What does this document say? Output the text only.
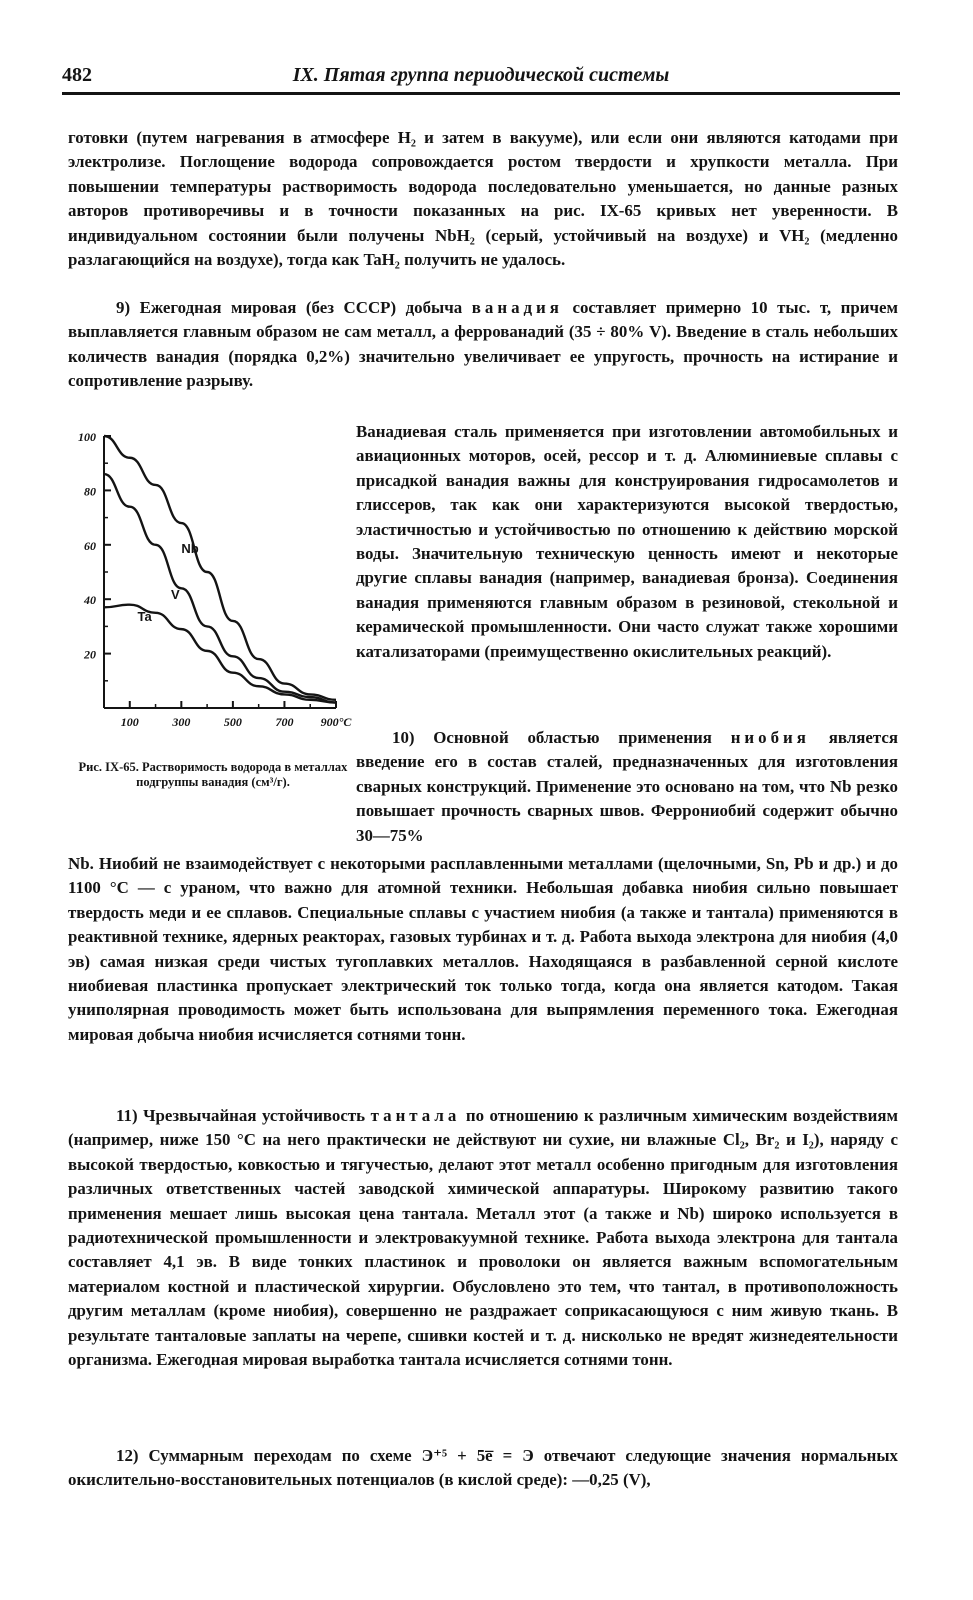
482	IX. Пятая группа периодической системы

готовки (путем нагревания в атмосфере H₂ и затем в вакууме), или если они являются катодами при электролизе. Поглощение водорода сопровождается ростом твердости и хрупкости металла. При повышении температуры растворимость водорода последовательно уменьшается, но данные разных авторов противоречивы и в точности показанных на рис. IX-65 кривых нет уверенности. В индивидуальном состоянии были получены NbH₂ (серый, устойчивый на воздухе) и VH₂ (медленно разлагающийся на воздухе), тогда как TaH₂ получить не удалось.

9) Ежегодная мировая (без СССР) добыча ванадия составляет примерно 10 тыс. т, причем выплавляется главным образом не сам металл, а феррованадий (35 ÷ 80% V). Введение в сталь небольших количеств ванадия (порядка 0,2%) значительно увеличивает ее упругость, прочность на истирание и сопротивление разрыву.

Ванадиевая сталь применяется при изготовлении автомобильных и авиационных моторов, осей, рессор и т. д. Алюминиевые сплавы с присадкой ванадия важны для конструирования гидросамолетов и глиссеров, так как они характеризуются высокой твердостью, эластичностью и устойчивостью по отношению к действию морской воды. Значительную техническую ценность имеют и некоторые другие сплавы ванадия (например, ванадиевая бронза). Соединения ванадия применяются главным образом в резиновой, стекольной и керамической промышленности. Они часто служат также хорошими катализаторами (преимущественно окислительных реакций).

100
80
60
40
20
100	300	500	700 900°C
Nb
V
Ta

Рис. IX-65. Растворимость водорода в металлах подгруппы ванадия (см³/г).

10) Основной областью применения ниобия является введение его в состав сталей, предназначенных для изготовления сварных конструкций. Применение это основано на том, что Nb резко повышает прочность сварных швов. Феррониобий содержит обычно 30—75%

Nb. Ниобий не взаимодействует с некоторыми расплавленными металлами (щелочными, Sn, Pb и др.) и до 1100 °C — с ураном, что важно для атомной техники. Небольшая добавка ниобия сильно повышает твердость меди и ее сплавов. Специальные сплавы с участием ниобия (а также и тантала) применяются в реактивной технике, ядерных реакторах, газовых турбинах и т. д. Работа выхода электрона для ниобия (4,0 эв) самая низкая среди чистых тугоплавких металлов. Находящаяся в разбавленной серной кислоте ниобиевая пластинка пропускает электрический ток только тогда, когда она является катодом. Такая униполярная проводимость может быть использована для выпрямления переменного тока. Ежегодная мировая добыча ниобия исчисляется сотнями тонн.

11) Чрезвычайная устойчивость тантала по отношению к различным химическим воздействиям (например, ниже 150 °C на него практически не действуют ни сухие, ни влажные Cl₂, Br₂ и I₂), наряду с высокой твердостью, ковкостью и тягучестью, делают этот металл особенно пригодным для изготовления различных ответственных частей заводской химической аппаратуры. Широкому развитию такого применения мешает лишь высокая цена тантала. Металл этот (а также и Nb) широко используется в радиотехнической промышленности и электровакуумной технике. Работа выхода электрона для тантала составляет 4,1 эв. В виде тонких пластинок и проволоки он является важным вспомогательным материалом костной и пластической хирургии. Обусловлено это тем, что тантал, в противоположность другим металлам (кроме ниобия), совершенно не раздражает соприкасающуюся с ним живую ткань. В результате танталовые заплаты на черепе, сшивки костей и т. д. нисколько не вредят жизнедеятельности организма. Ежегодная мировая выработка тантала исчисляется сотнями тонн.

12) Суммарным переходам по схеме Э⁺⁵ + 5e̅ = Э отвечают следующие значения нормальных окислительно-восстановительных потенциалов (в кислой среде): —0,25 (V),
